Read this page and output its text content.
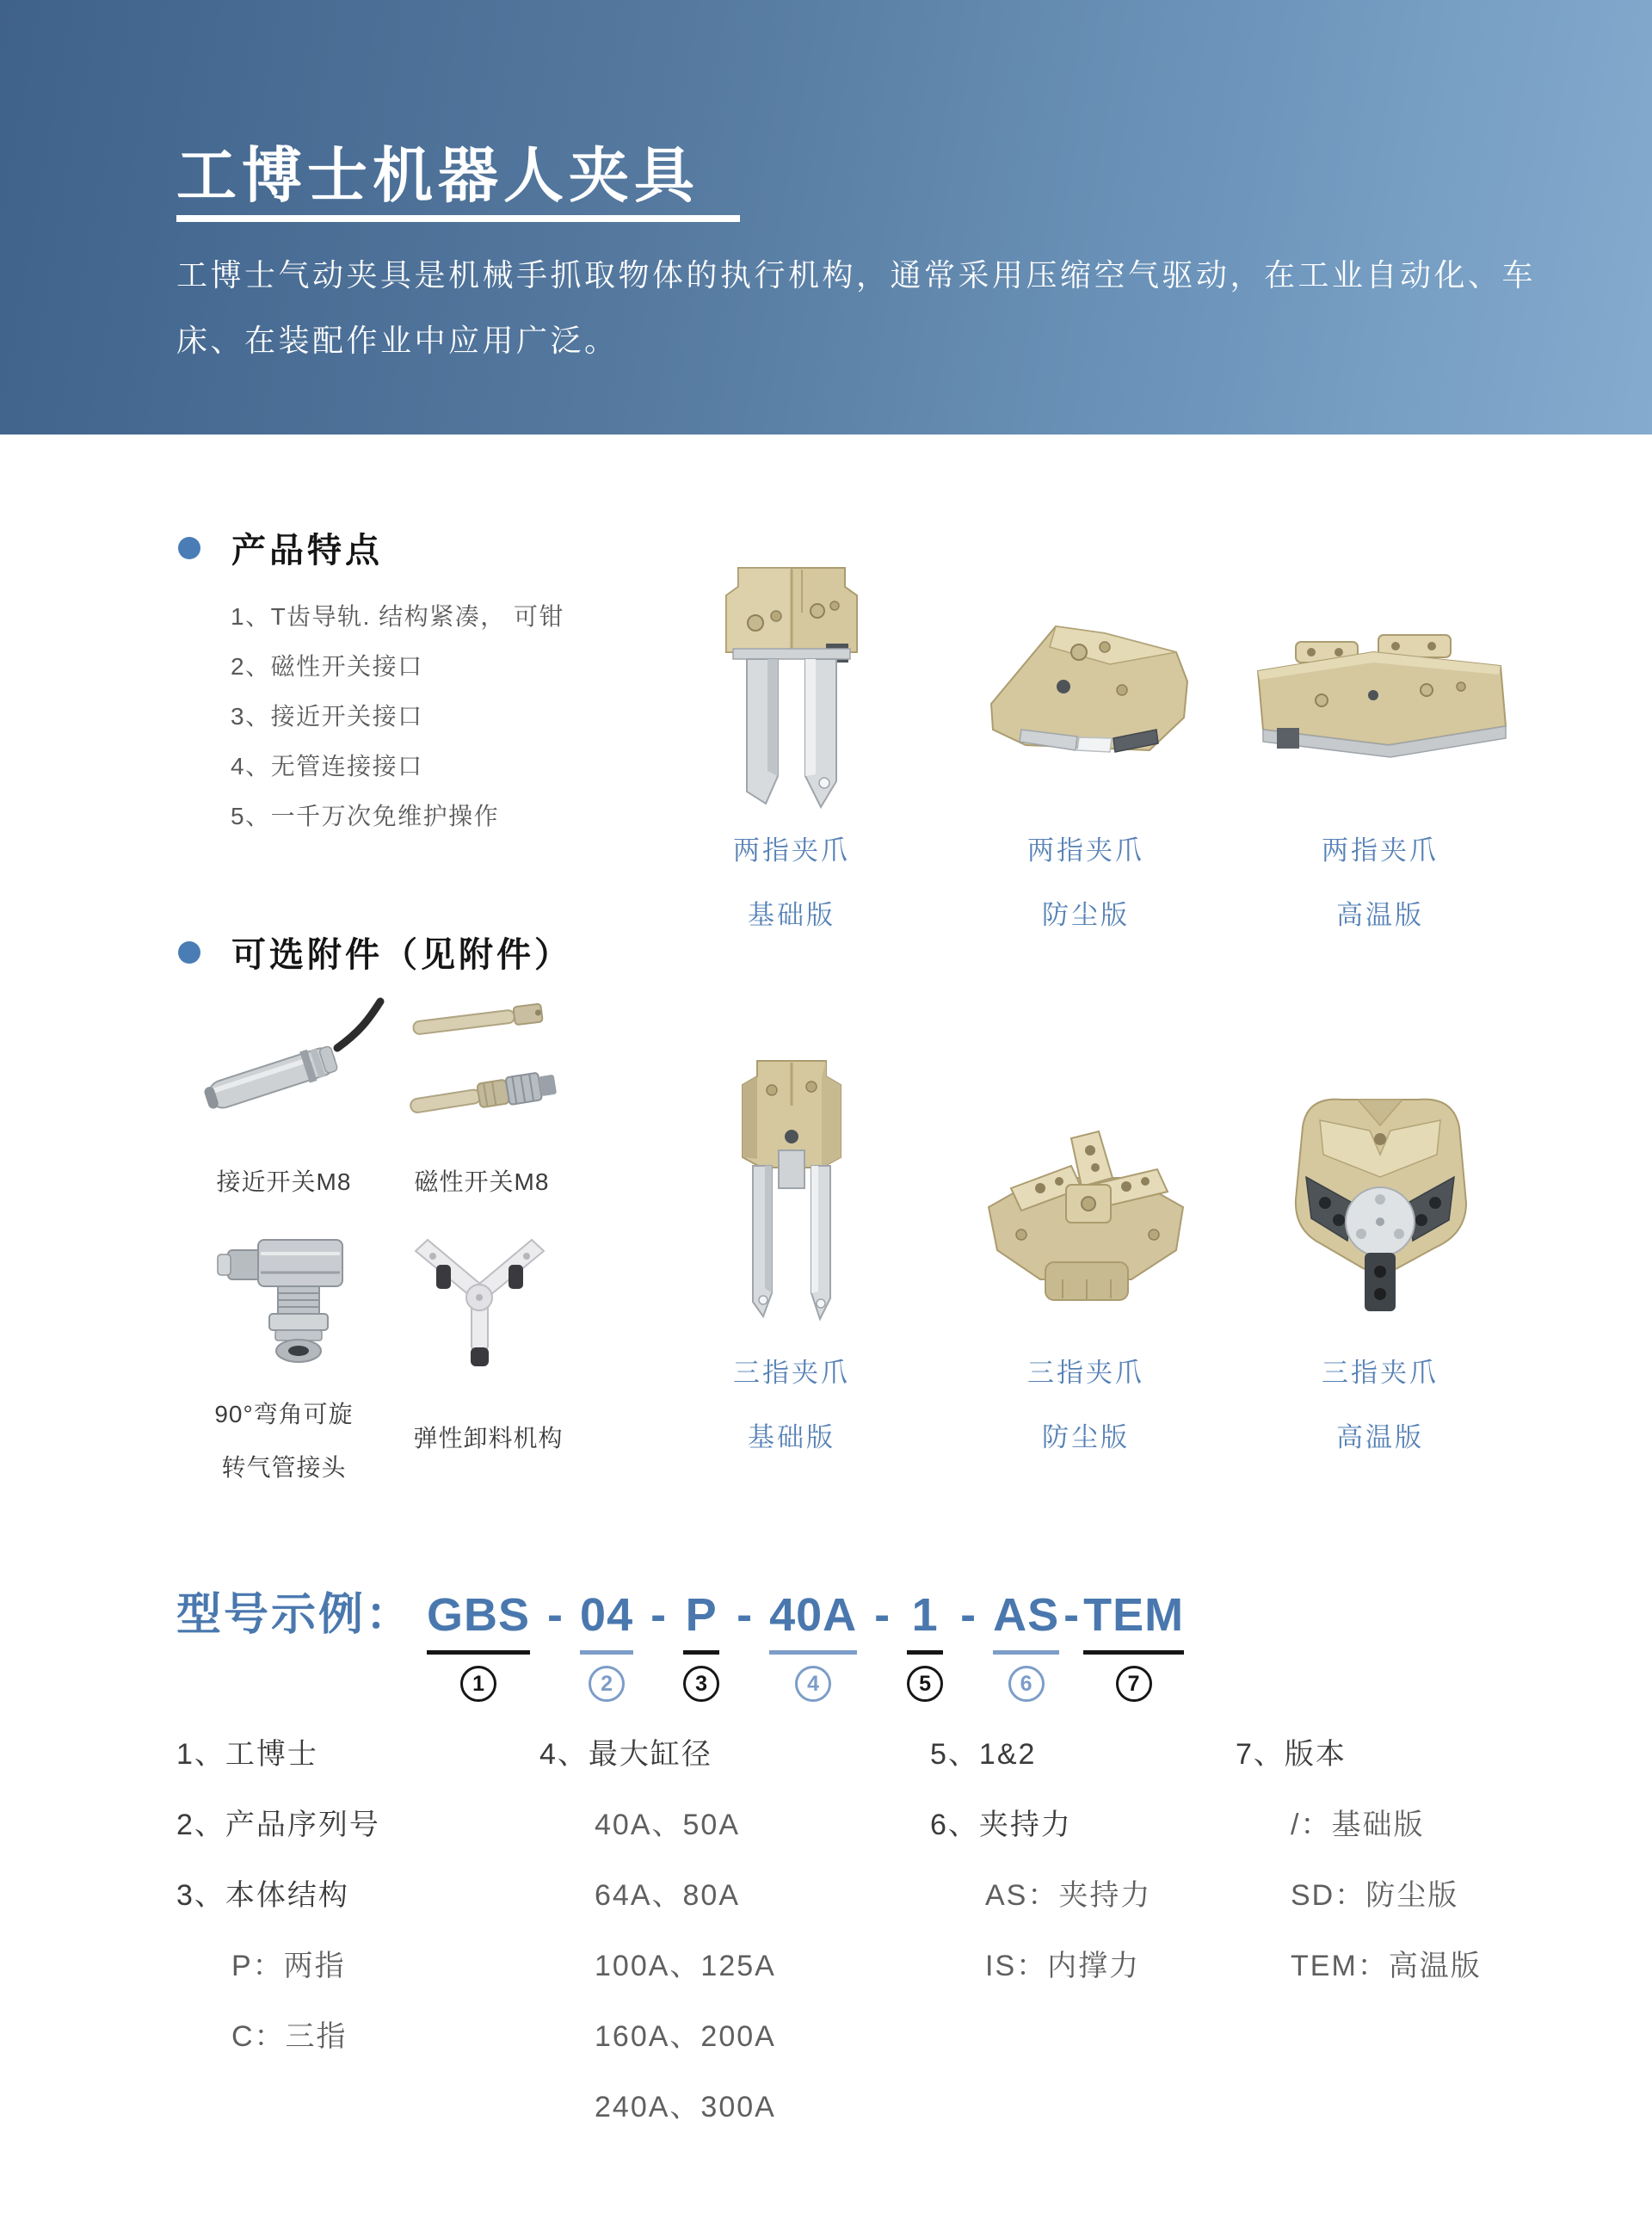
工博士机器人夹具
工博士气动夹具是机械手抓取物体的执行机构，通常采用压缩空气驱动，在工业自动化、车床、在装配作业中应用广泛。
产品特点
1、T齿导轨. 结构紧凑， 可钳
2、磁性开关接口
3、接近开关接口
4、无管连接接口
5、一千万次免维护操作
可选附件（见附件）
接近开关M8	磁性开关M8
90°弯角可旋
转气管接头
弹性卸料机构
两指夹爪
基础版
两指夹爪
防尘版
两指夹爪
高温版
三指夹爪
基础版
三指夹爪
防尘版
三指夹爪
高温版
型号示例： GBS
1
- 04
2
- P
3
- 40A
4
- 1
5
- AS
6
- TEM
7
1、工博士
2、产品序列号
3、本体结构
P：两指
C：三指
4、最大缸径
40A、50A
64A、80A
100A、125A
160A、200A
240A、300A
5、1&2
6、夹持力
AS：夹持力
IS：内撑力
7、版本
/：基础版
SD：防尘版
TEM：高温版
